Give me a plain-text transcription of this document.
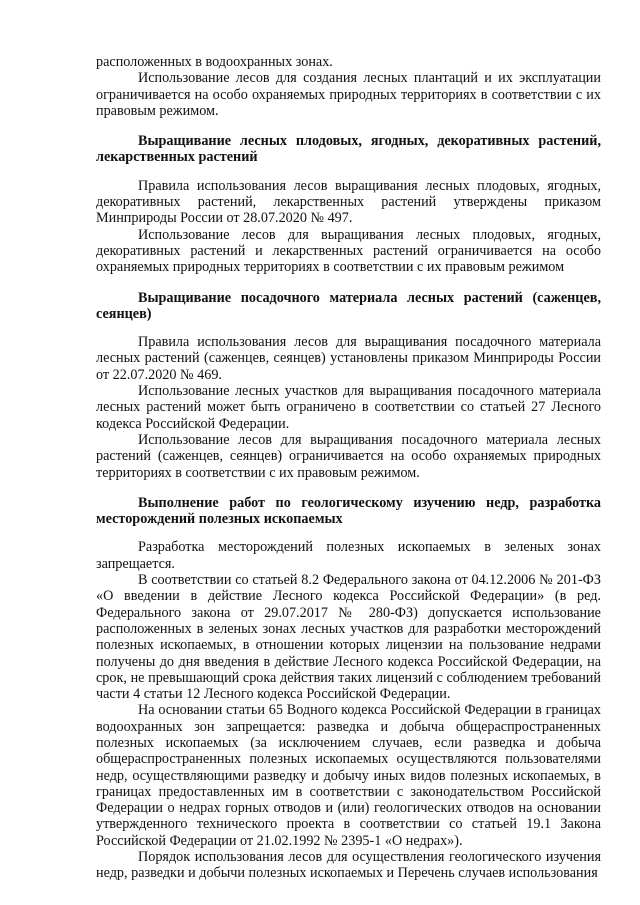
расположенных в водоохранных зонах.

Использование лесов для создания лесных плантаций и их эксплуатации ограничивается на особо охраняемых природных территориях в соответствии с их правовым режимом.

Выращивание лесных плодовых, ягодных, декоративных растений, лекарственных растений

Правила использования лесов выращивания лесных плодовых, ягодных, декоративных растений, лекарственных растений утверждены приказом Минприроды России от 28.07.2020 № 497.

Использование лесов для выращивания лесных плодовых, ягодных, декоративных растений и лекарственных растений ограничивается на особо охраняемых природных территориях в соответствии с их правовым режимом

Выращивание посадочного материала лесных растений (саженцев, сеянцев)

Правила использования лесов для выращивания посадочного материала лесных растений (саженцев, сеянцев) установлены приказом Минприроды России от 22.07.2020 № 469.

Использование лесных участков для выращивания посадочного материала лесных растений может быть ограничено в соответствии со статьей 27 Лесного кодекса Российской Федерации.

Использование лесов для выращивания посадочного материала лесных растений (саженцев, сеянцев) ограничивается на особо охраняемых природных территориях в соответствии с их правовым режимом.

Выполнение работ по геологическому изучению недр, разработка месторождений полезных ископаемых

Разработка месторождений полезных ископаемых в зеленых зонах запрещается.

В соответствии со статьей 8.2 Федерального закона от 04.12.2006 № 201-ФЗ «О введении в действие Лесного кодекса Российской Федерации» (в ред. Федерального закона от 29.07.2017 № 280-ФЗ) допускается использование расположенных в зеленых зонах лесных участков для разработки месторождений полезных ископаемых, в отношении которых лицензии на пользование недрами получены до дня введения в действие Лесного кодекса Российской Федерации, на срок, не превышающий срока действия таких лицензий с соблюдением требований части 4 статьи 12 Лесного кодекса Российской Федерации.

На основании статьи 65 Водного кодекса Российской Федерации в границах водоохранных зон запрещается: разведка и добыча общераспространенных полезных ископаемых (за исключением случаев, если разведка и добыча общераспространенных полезных ископаемых осуществляются пользователями недр, осуществляющими разведку и добычу иных видов полезных ископаемых, в границах предоставленных им в соответствии с законодательством Российской Федерации о недрах горных отводов и (или) геологических отводов на основании утвержденного технического проекта в соответствии со статьей 19.1 Закона Российской Федерации от 21.02.1992 № 2395-1 «О недрах»).

Порядок использования лесов для осуществления геологического изучения недр, разведки и добычи полезных ископаемых и Перечень случаев использования
